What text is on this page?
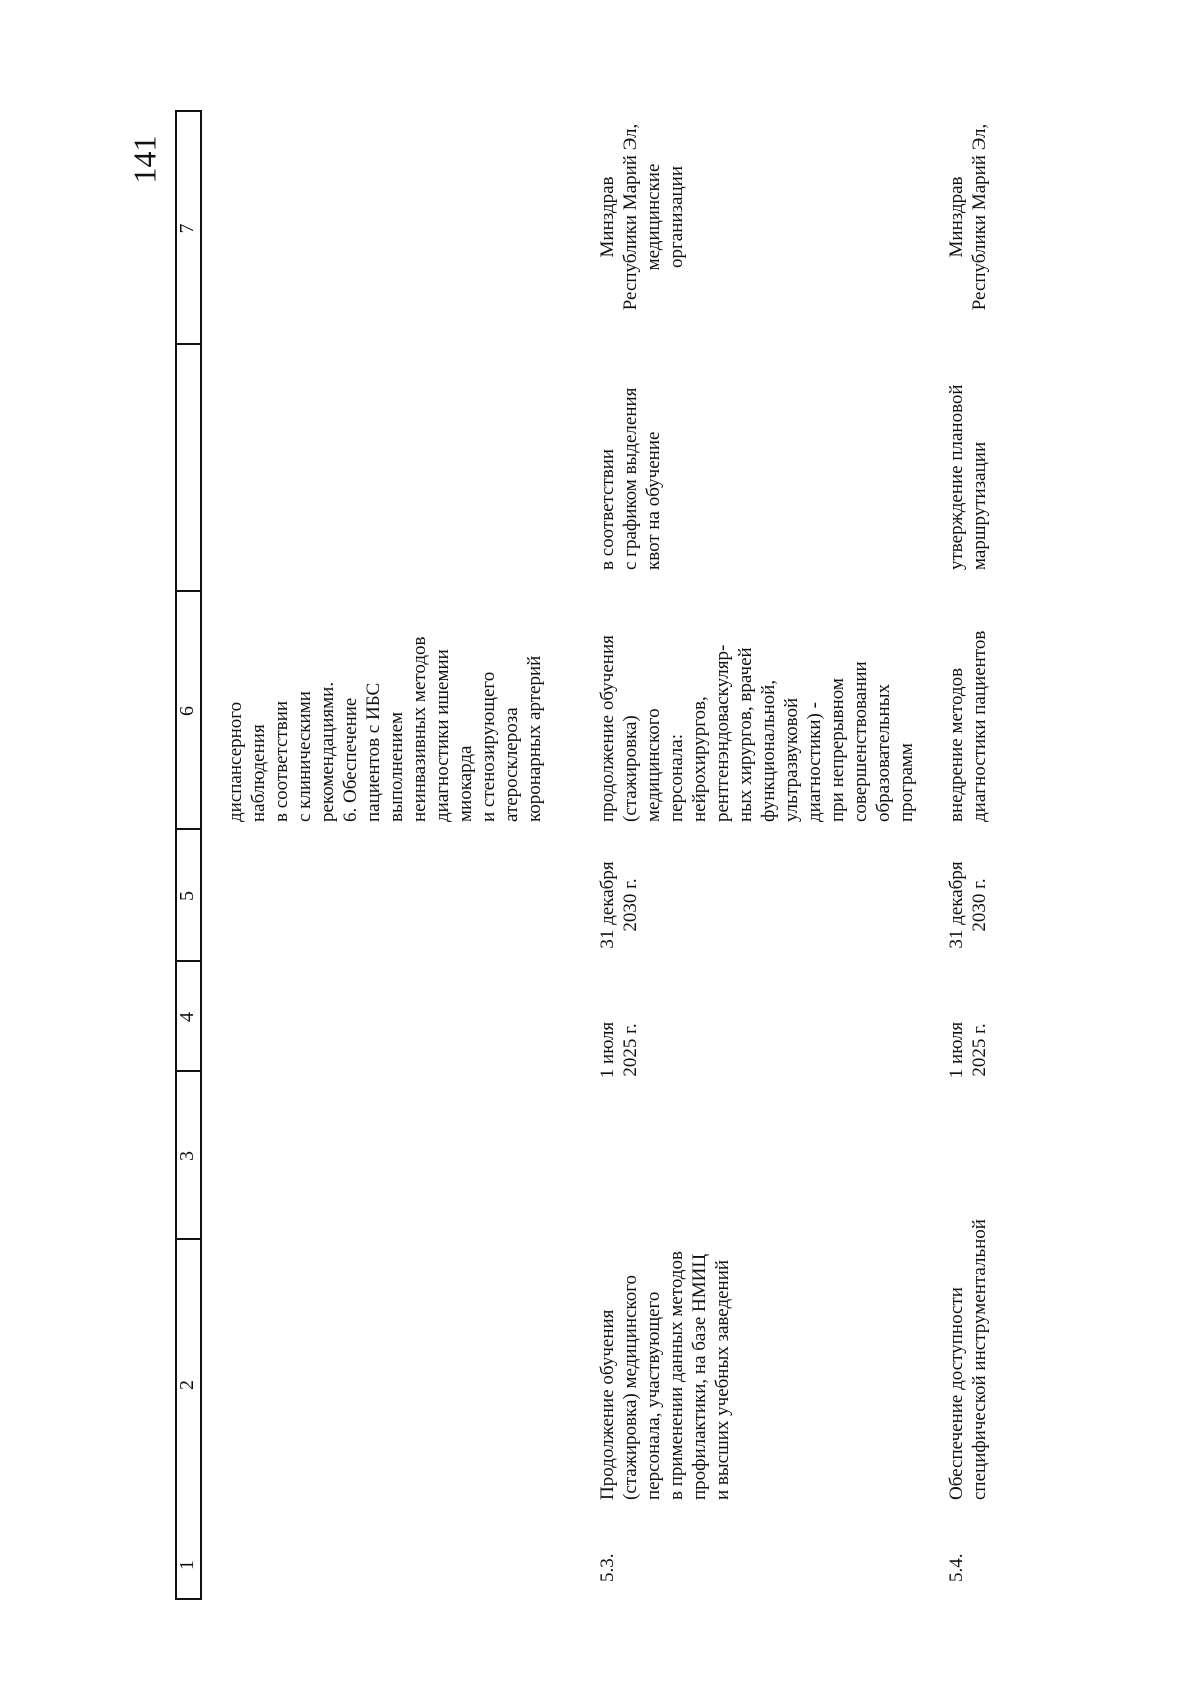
141
1
2
3
4
5
6
7
диспансерного
наблюдения
в соответствии
с клиническими
рекомендациями.
6. Обеспечение
пациентов с ИБС
выполнением
неинвазивных методов
диагностики ишемии
миокарда
и стенозирующего
атеросклероза
коронарных артерий
5.3.
Продолжение обучения
(стажировка) медицинского
персонала, участвующего
в применении данных методов
профилактики, на базе НМИЦ
и высших учебных заведений
1 июля
2025 г.
31 декабря
2030 г.
продолжение обучения
(стажировка)
медицинского
персонала:
нейрохирургов,
рентгенэндоваскуляр-
ных хирургов, врачей
функциональной,
ультразвуковой
диагностики) -
при непрерывном
совершенствовании
образовательных
программ
в соответствии
с графиком выделения
квот на обучение
Минздрав
Республики Марий Эл,
медицинские
организации
5.4.
Обеспечение доступности
специфической инструментальной
1 июля
2025 г.
31 декабря
2030 г.
внедрение методов
диагностики пациентов
утверждение плановой
маршрутизации
Минздрав
Республики Марий Эл,
